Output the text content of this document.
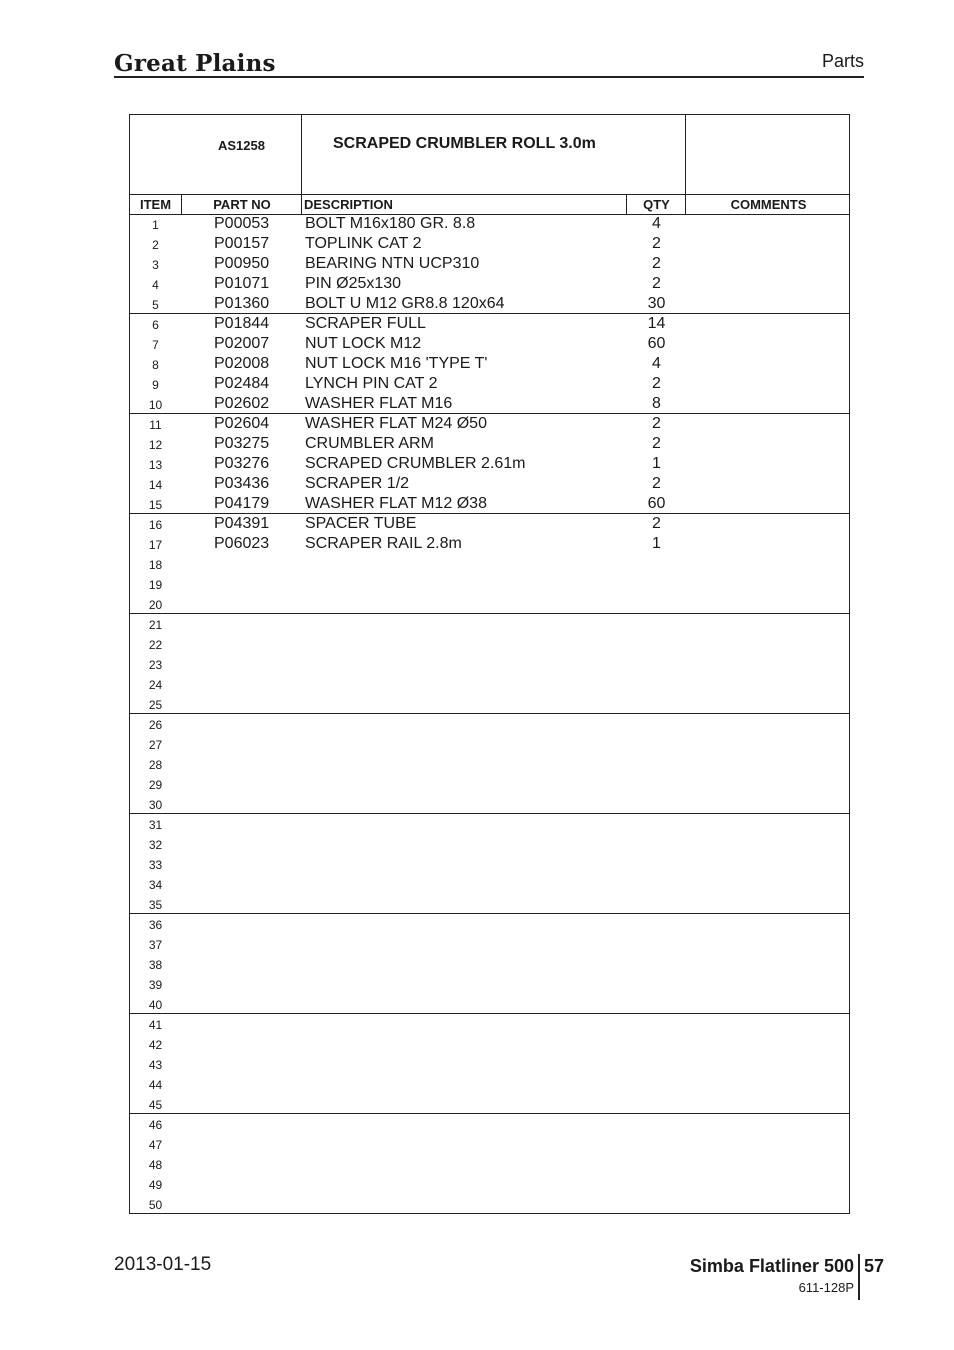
Great Plains	Parts
AS1258	SCRAPED CRUMBLER ROLL 3.0m
ITEM	PART NO	DESCRIPTION	QTY	COMMENTS
1	P00053 BOLT M16x180 GR. 8.8	4
2	P00157 TOPLINK CAT 2	2
3	P00950 BEARING NTN UCP310	2
4	P01071 PIN Ø25x130	2
5	P01360 BOLT U M12 GR8.8 120x64	30
6	P01844 SCRAPER FULL	14
7	P02007 NUT LOCK M12	60
8	P02008 NUT LOCK M16 'TYPE T'	4
9	P02484 LYNCH PIN CAT 2	2
10	P02602 WASHER FLAT M16	8
11	P02604 WASHER FLAT M24 Ø50	2
12	P03275 CRUMBLER ARM	2
13	P03276 SCRAPED CRUMBLER 2.61m	1
14	P03436 SCRAPER 1/2	2
15	P04179 WASHER FLAT M12 Ø38	60
16	P04391 SPACER TUBE	2
17	P06023 SCRAPER RAIL 2.8m	1
18
19
20
21
22
23
24
25
26
27
28
29
30
31
32
33
34
35
36
37
38
39
40
41
42
43
44
45
46
47
48
49
50
2013-01-15	Simba Flatliner 500
611-128P
57
